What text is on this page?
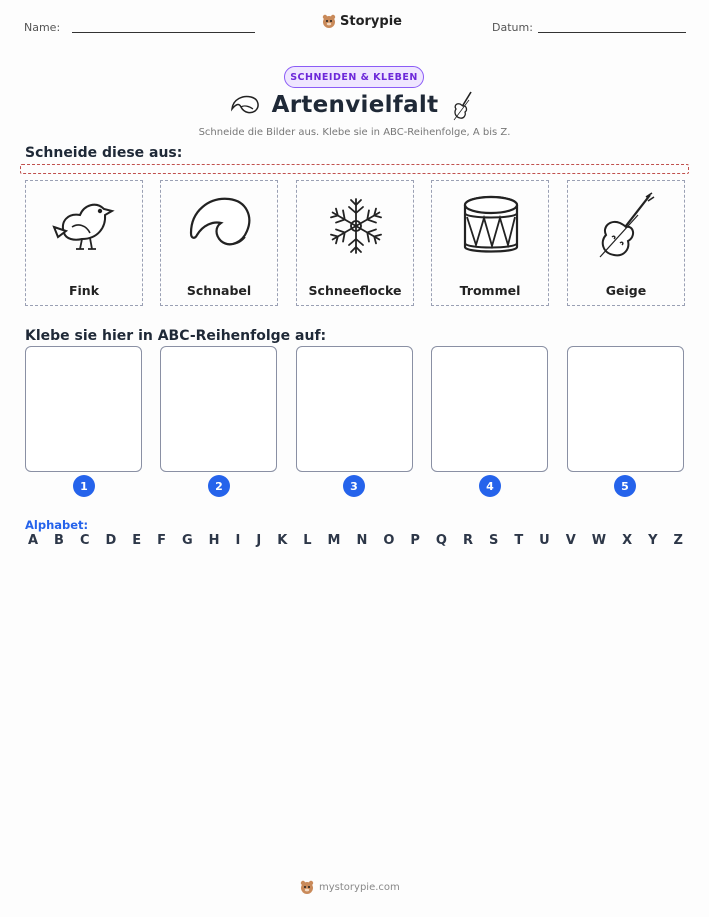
Name:	Storypie	Datum:
SCHNEIDEN & KLEBEN
Artenvielfalt
Schneide die Bilder aus. Klebe sie in ABC-Reihenfolge, A bis Z.
Schneide diese aus:
Fink	Schnabel	Schneeflocke	Trommel	Geige
Klebe sie hier in ABC-Reihenfolge auf:
1	2	3	4	5
Alphabet:
A B C D E F G H I J K L M N O P Q R S T U V W X Y Z
mystorypie.com
